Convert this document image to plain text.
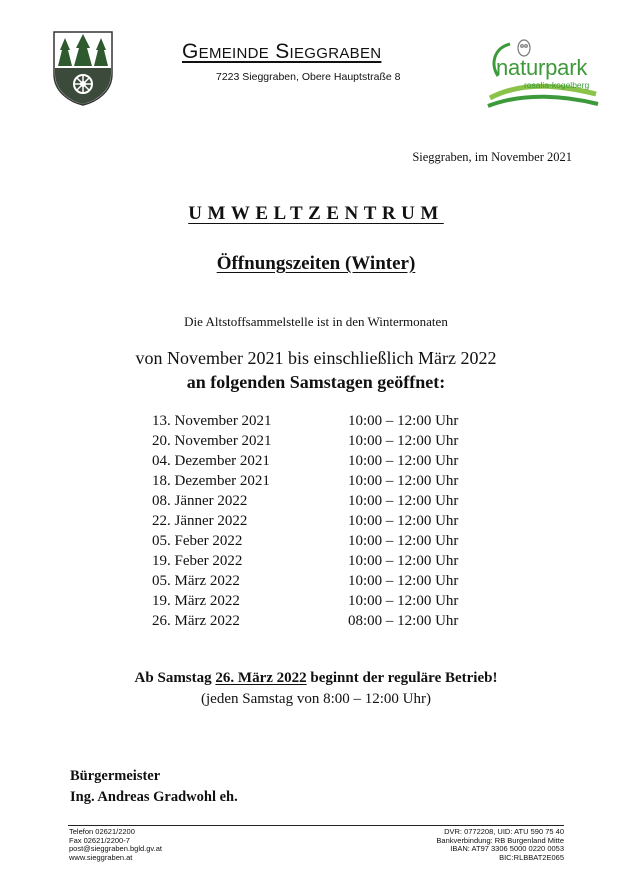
Gemeinde Sieggraben
7223 Sieggraben, Obere Hauptstraße 8	naturpark
rosalia-kogelberg
Sieggraben, im November 2021
UMWELTZENTRUM
Öffnungszeiten (Winter)
Die Altstoffsammelstelle ist in den Wintermonaten
von November 2021 bis einschließlich März 2022
an folgenden Samstagen geöffnet:
13. November 2021	10:00 – 12:00 Uhr
20. November 2021	10:00 – 12:00 Uhr
04. Dezember 2021	10:00 – 12:00 Uhr
18. Dezember 2021	10:00 – 12:00 Uhr
08. Jänner 2022	10:00 – 12:00 Uhr
22. Jänner 2022	10:00 – 12:00 Uhr
05. Feber 2022	10:00 – 12:00 Uhr
19. Feber 2022	10:00 – 12:00 Uhr
05. März 2022	10:00 – 12:00 Uhr
19. März 2022	10:00 – 12:00 Uhr
26. März 2022	08:00 – 12:00 Uhr
Ab Samstag 26. März 2022 beginnt der reguläre Betrieb!
(jeden Samstag von 8:00 – 12:00 Uhr)
Bürgermeister
Ing. Andreas Gradwohl eh.
Telefon 02621/2200
Fax 02621/2200-7
post@sieggraben.bgld.gv.at
www.sieggraben.at
DVR: 0772208, UID: ATU 590 75 40
Bankverbindung: RB Burgenland Mitte
IBAN: AT97 3306 5000 0220 0053
BIC:RLBBAT2E065
